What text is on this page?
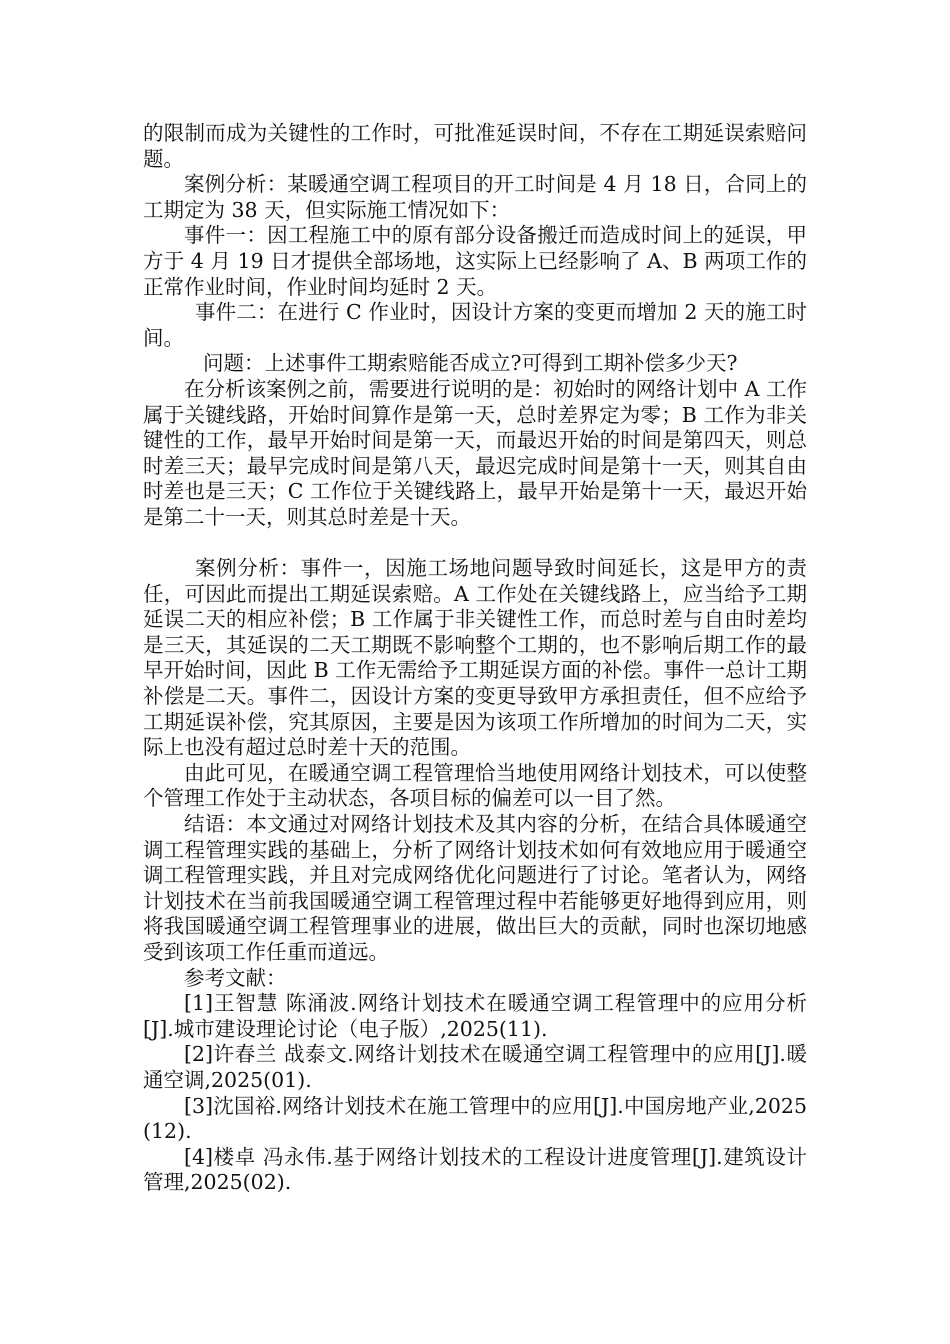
的限制而成为关键性的工作时，可批准延误时间，不存在工期延误索赔问题。

案例分析：某暖通空调工程项目的开工时间是 4 月 18 日，合同上的工期定为 38 天，但实际施工情况如下：

事件一：因工程施工中的原有部分设备搬迁而造成时间上的延误，甲方于 4 月 19 日才提供全部场地，这实际上已经影响了 A、B 两项工作的正常作业时间，作业时间均延时 2 天。

事件二：在进行 C 作业时，因设计方案的变更而增加 2 天的施工时间。

问题：上述事件工期索赔能否成立?可得到工期补偿多少天?

在分析该案例之前，需要进行说明的是：初始时的网络计划中 A 工作属于关键线路，开始时间算作是第一天，总时差界定为零；B 工作为非关键性的工作，最早开始时间是第一天，而最迟开始的时间是第四天，则总时差三天；最早完成时间是第八天，最迟完成时间是第十一天，则其自由时差也是三天；C 工作位于关键线路上，最早开始是第十一天，最迟开始是第二十一天，则其总时差是十天。

案例分析：事件一，因施工场地问题导致时间延长，这是甲方的责任，可因此而提出工期延误索赔。A 工作处在关键线路上，应当给予工期延误二天的相应补偿；B 工作属于非关键性工作，而总时差与自由时差均是三天，其延误的二天工期既不影响整个工期的，也不影响后期工作的最早开始时间，因此 B 工作无需给予工期延误方面的补偿。事件一总计工期补偿是二天。事件二，因设计方案的变更导致甲方承担责任，但不应给予工期延误补偿，究其原因，主要是因为该项工作所增加的时间为二天，实际上也没有超过总时差十天的范围。

由此可见，在暖通空调工程管理恰当地使用网络计划技术，可以使整个管理工作处于主动状态，各项目标的偏差可以一目了然。

结语：本文通过对网络计划技术及其内容的分析，在结合具体暖通空调工程管理实践的基础上，分析了网络计划技术如何有效地应用于暖通空调工程管理实践，并且对完成网络优化问题进行了讨论。笔者认为，网络计划技术在当前我国暖通空调工程管理过程中若能够更好地得到应用，则将我国暖通空调工程管理事业的进展，做出巨大的贡献，同时也深切地感受到该项工作任重而道远。

参考文献：

[1]王智慧 陈涌波.网络计划技术在暖通空调工程管理中的应用分析[J].城市建设理论讨论（电子版）,2025(11).

[2]许春兰 战泰文.网络计划技术在暖通空调工程管理中的应用[J].暖通空调,2025(01).

[3]沈国裕.网络计划技术在施工管理中的应用[J].中国房地产业,2025(12).

[4]楼卓 冯永伟.基于网络计划技术的工程设计进度管理[J].建筑设计管理,2025(02).
